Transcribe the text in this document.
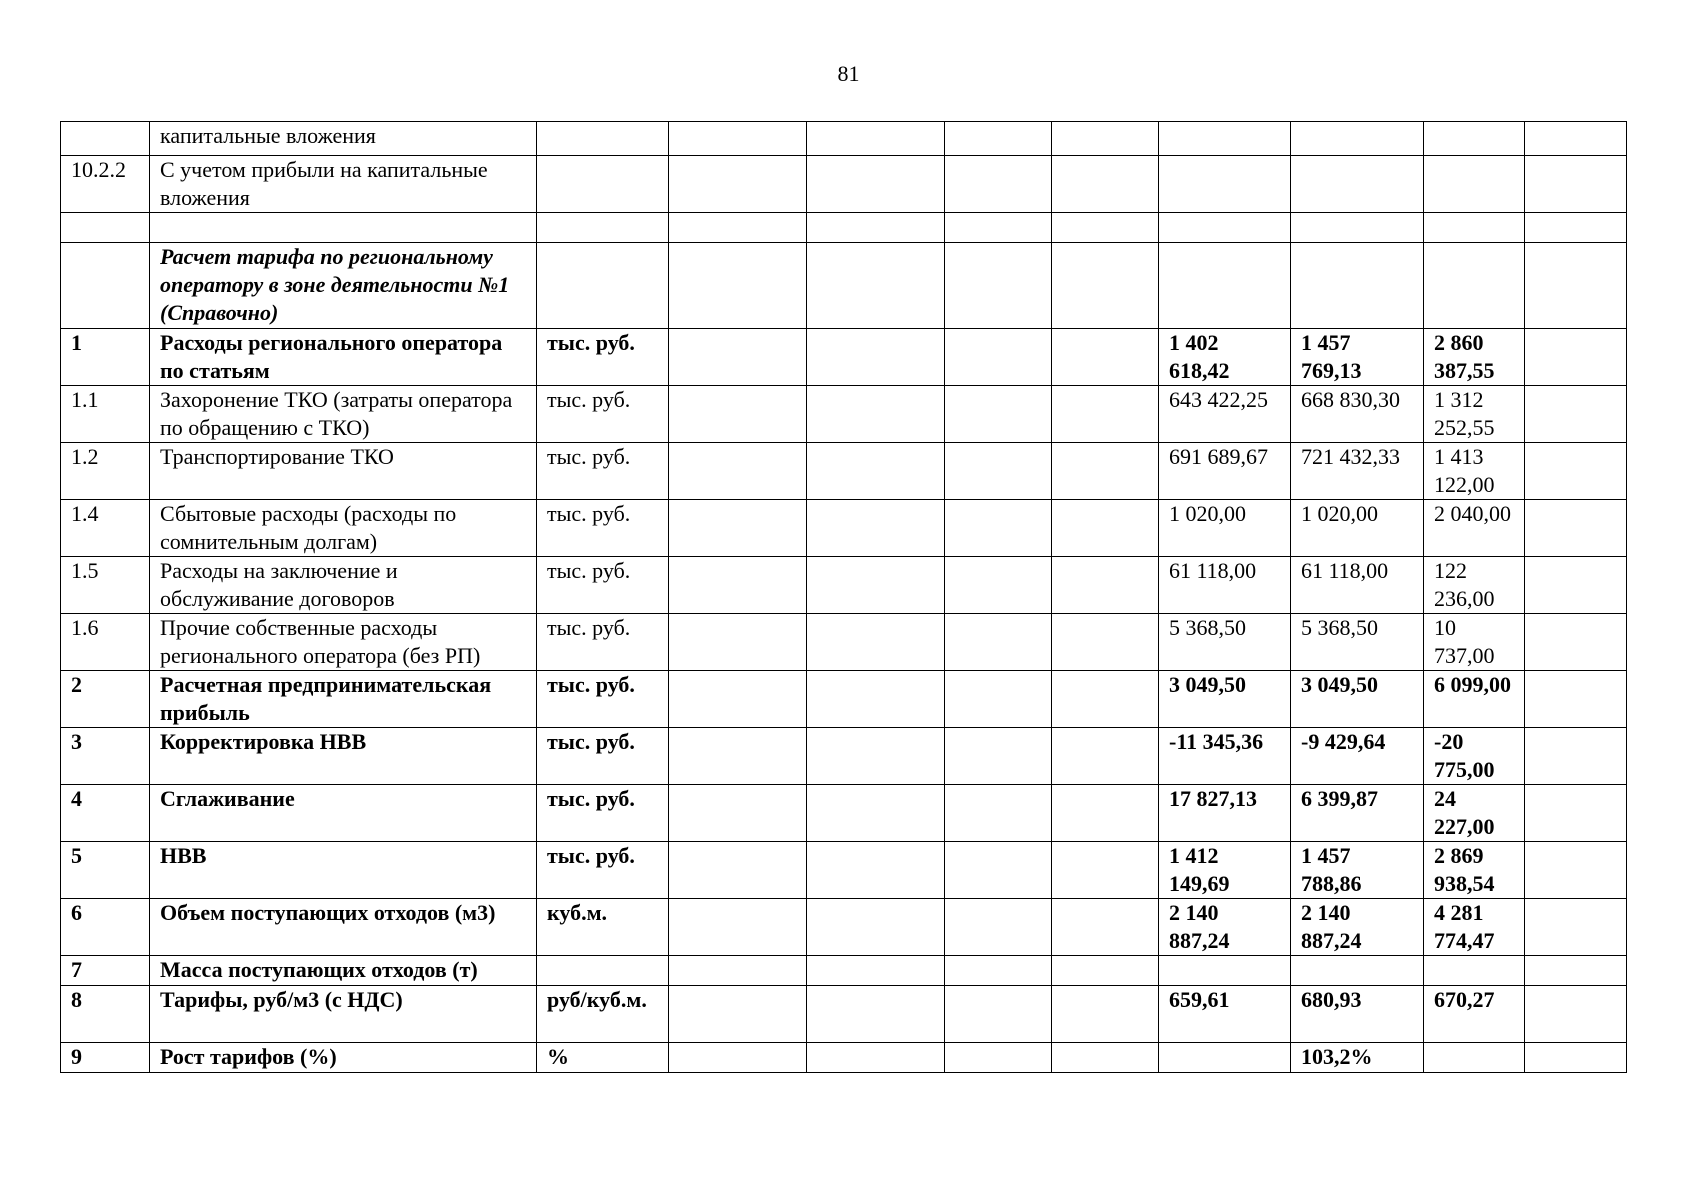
81
	капитальные вложения									
10.2.2	С учетом прибыли на капитальные вложения									

	Расчет тарифа по региональному оператору в зоне деятельности №1 (Справочно)									
1	Расходы регионального оператора по статьям	тыс. руб.					1 402 618,42	1 457 769,13	2 860 387,55	
1.1	Захоронение ТКО (затраты оператора по обращению с ТКО)	тыс. руб.					643 422,25	668 830,30	1 312 252,55	
1.2	Транспортирование ТКО	тыс. руб.					691 689,67	721 432,33	1 413 122,00	
1.4	Сбытовые расходы (расходы по сомнительным долгам)	тыс. руб.					1 020,00	1 020,00	2 040,00	
1.5	Расходы на заключение и обслуживание договоров	тыс. руб.					61 118,00	61 118,00	122 236,00	
1.6	Прочие собственные расходы регионального оператора (без РП)	тыс. руб.					5 368,50	5 368,50	10 737,00	
2	Расчетная предпринимательская прибыль	тыс. руб.					3 049,50	3 049,50	6 099,00	
3	Корректировка НВВ	тыс. руб.					-11 345,36	-9 429,64	-20 775,00	
4	Сглаживание	тыс. руб.					17 827,13	6 399,87	24 227,00	
5	НВВ	тыс. руб.					1 412 149,69	1 457 788,86	2 869 938,54	
6	Объем поступающих отходов (м3)	куб.м.					2 140 887,24	2 140 887,24	4 281 774,47	
7	Масса поступающих отходов (т)									
8	Тарифы, руб/м3 (с НДС)	руб/куб.м.					659,61	680,93	670,27	
9	Рост тарифов (%)	%						103,2%		
